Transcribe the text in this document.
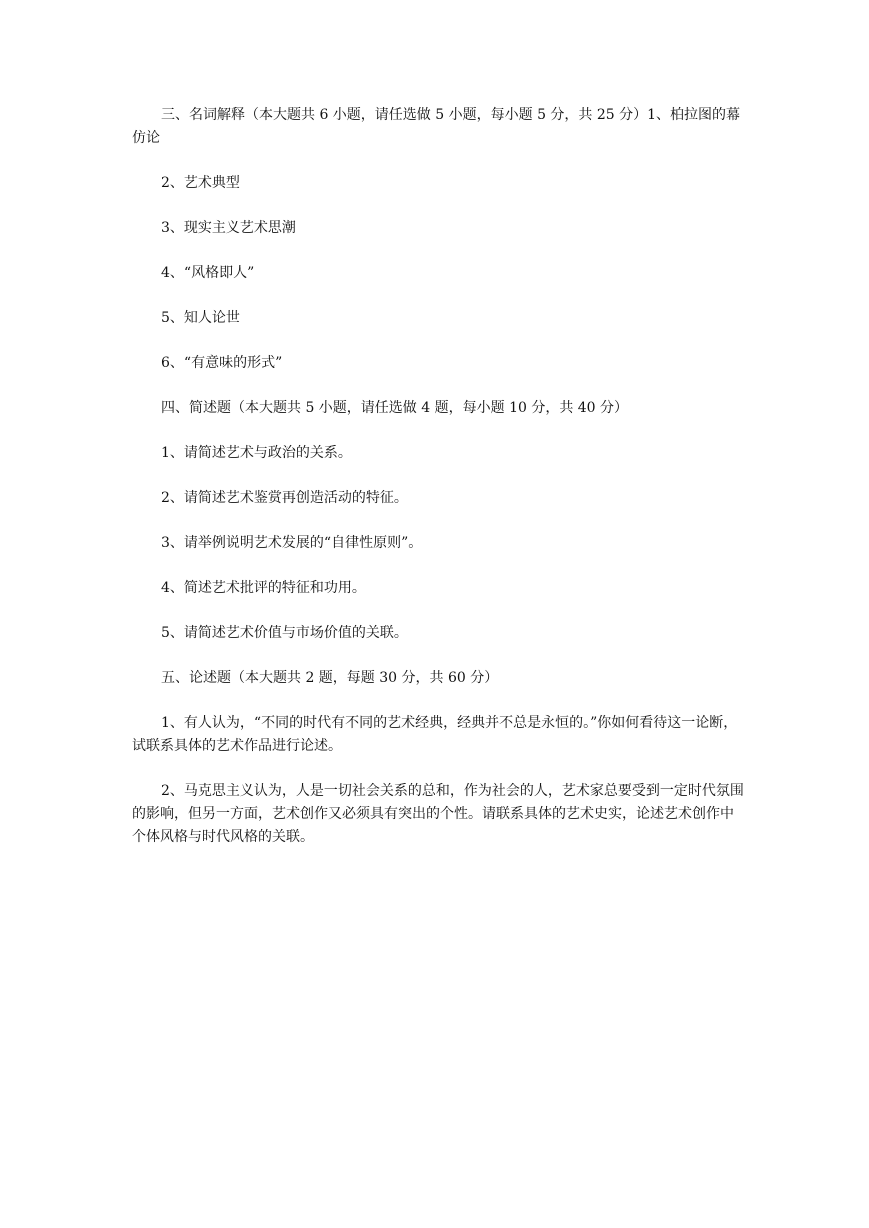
三、名词解释（本大题共 6 小题，请任选做 5 小题，每小题 5 分，共 25 分）1、柏拉图的幕仿论

2、艺术典型

3、现实主义艺术思潮

4、“风格即人”

5、知人论世

6、“有意味的形式”

四、简述题（本大题共 5 小题，请任选做 4 题，每小题 10 分，共 40 分）

1、请简述艺术与政治的关系。

2、请简述艺术鉴赏再创造活动的特征。

3、请举例说明艺术发展的“自律性原则”。

4、简述艺术批评的特征和功用。

5、请简述艺术价值与市场价值的关联。

五、论述题（本大题共 2 题，每题 30 分，共 60 分）

1、有人认为，“不同的时代有不同的艺术经典，经典并不总是永恒的。”你如何看待这一论断，试联系具体的艺术作品进行论述。

2、马克思主义认为，人是一切社会关系的总和，作为社会的人，艺术家总要受到一定时代氛围的影响，但另一方面，艺术创作又必须具有突出的个性。请联系具体的艺术史实，论述艺术创作中个体风格与时代风格的关联。
